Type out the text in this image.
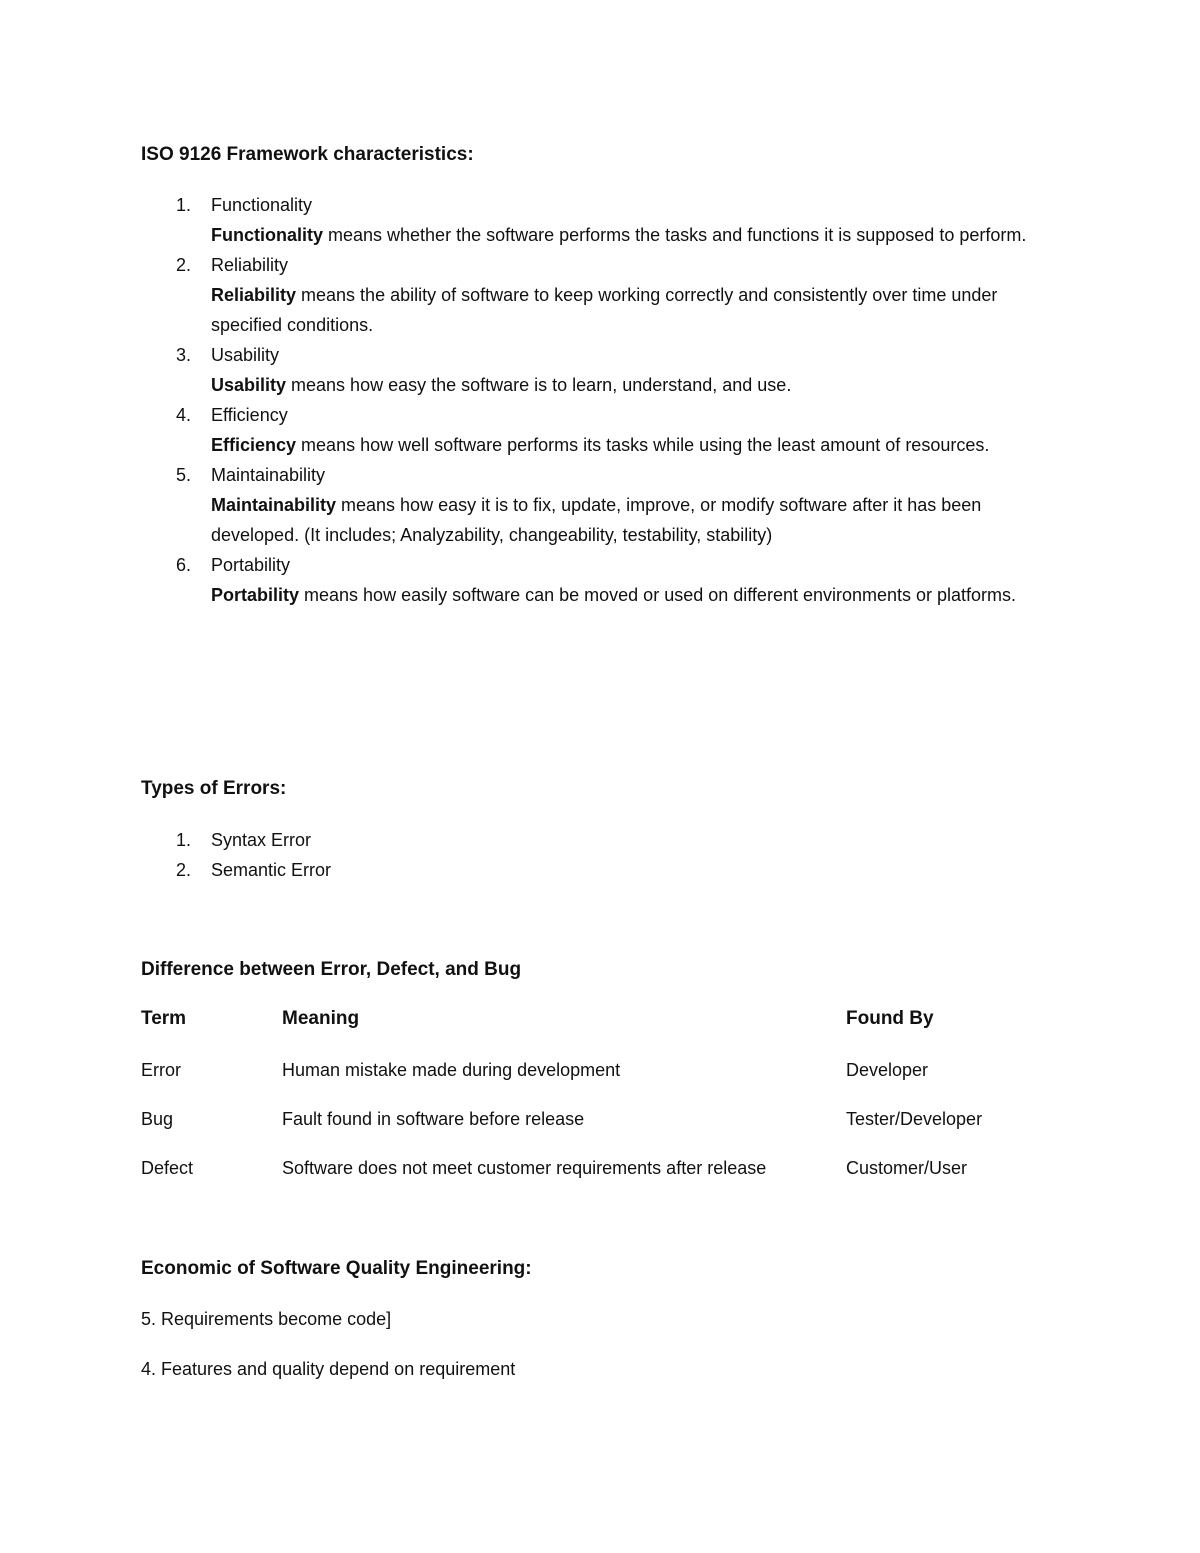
ISO 9126 Framework characteristics:
1.	Functionality
Functionality means whether the software performs the tasks and functions it is supposed to perform.
2.	Reliability
Reliability means the ability of software to keep working correctly and consistently over time under specified conditions.
3.	Usability
Usability means how easy the software is to learn, understand, and use.
4.	Efficiency
Efficiency means how well software performs its tasks while using the least amount of resources.
5.	Maintainability
Maintainability means how easy it is to fix, update, improve, or modify software after it has been developed. (It includes; Analyzability, changeability, testability, stability)
6.	Portability
Portability means how easily software can be moved or used on different environments or platforms.
Types of Errors:
1.	Syntax Error
2.	Semantic Error
Difference between Error, Defect, and Bug
Term	Meaning	Found By
Error	Human mistake made during development	Developer
Bug	Fault found in software before release	Tester/Developer
Defect	Software does not meet customer requirements after release	Customer/User
Economic of Software Quality Engineering:
5. Requirements become code]
4. Features and quality depend on requirement
